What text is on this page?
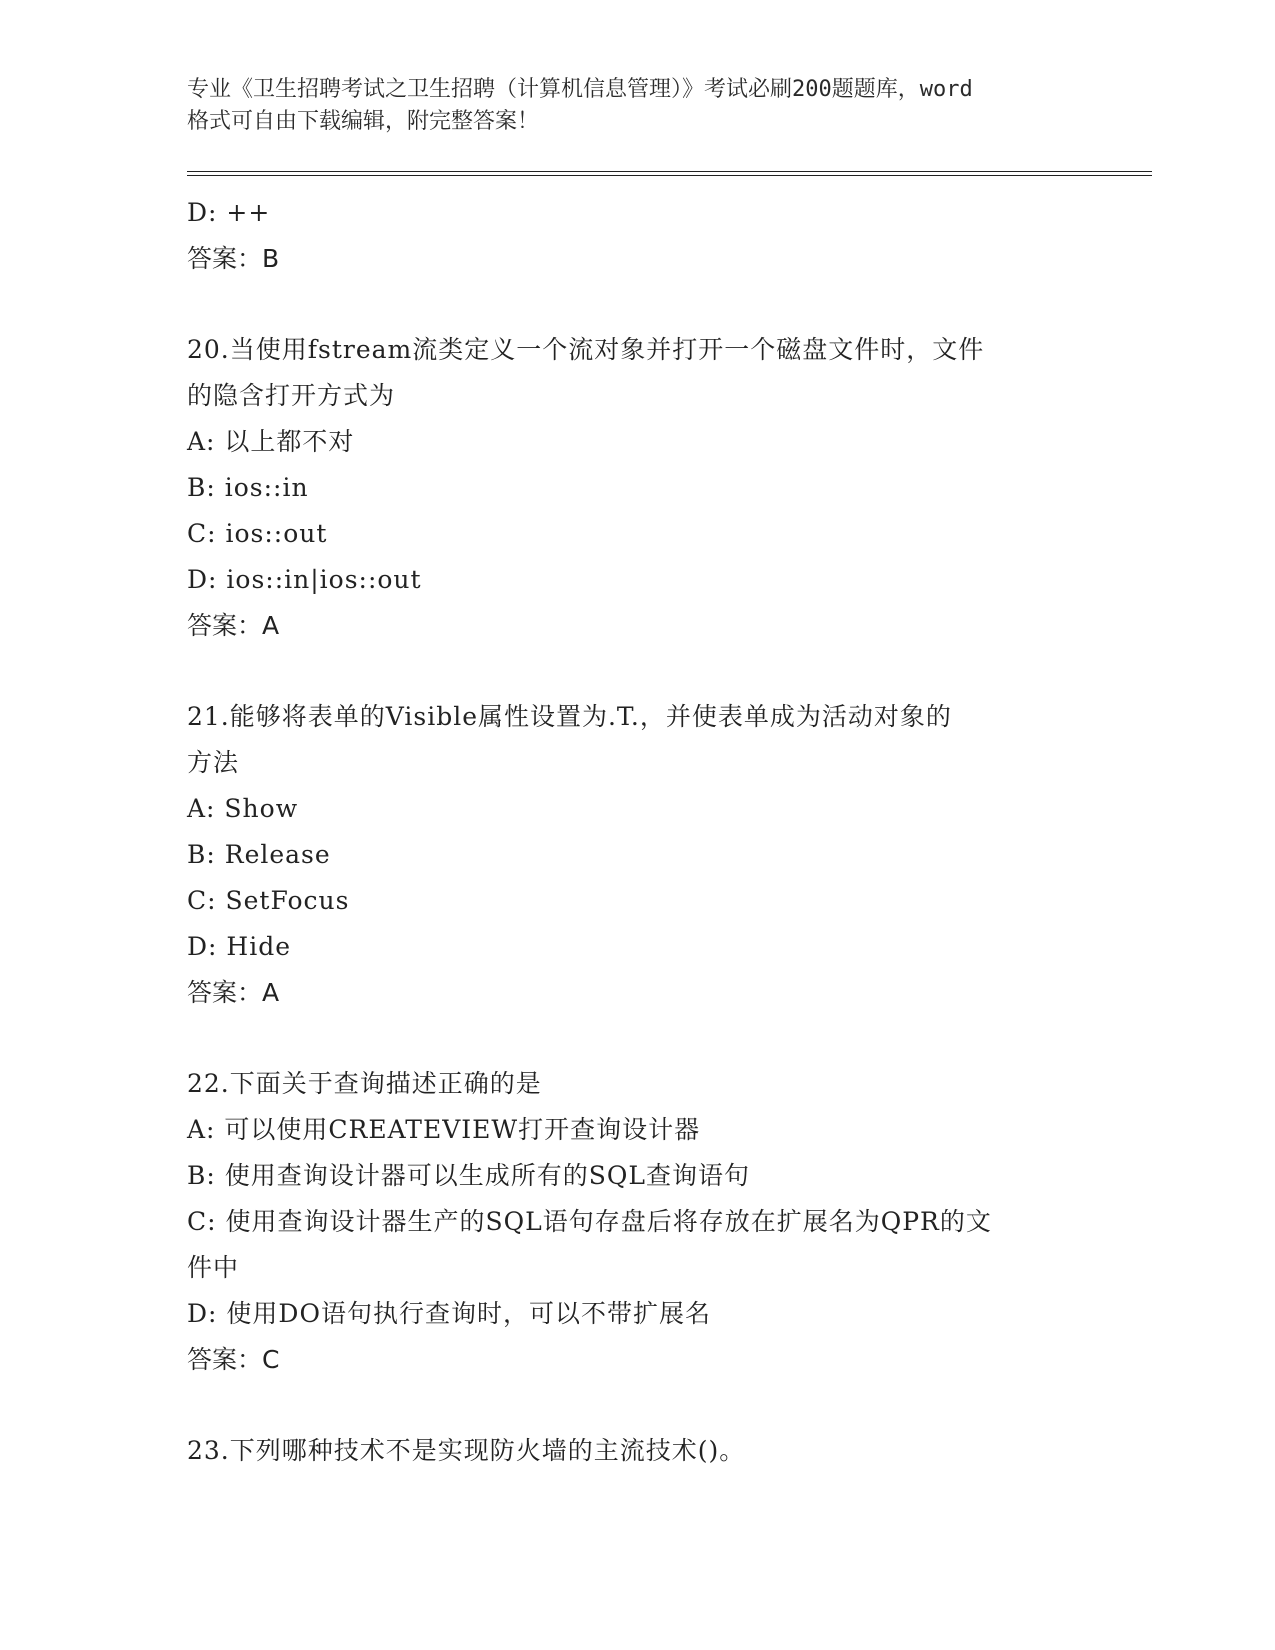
专业《卫生招聘考试之卫生招聘（计算机信息管理）》考试必刷200题题库，word
格式可自由下载编辑，附完整答案！
D: ++
答案：B
20.当使用fstream流类定义一个流对象并打开一个磁盘文件时，文件
的隐含打开方式为
A: 以上都不对
B: ios::in
C: ios::out
D: ios::in|ios::out
答案：A
21.能够将表单的Visible属性设置为.T.，并使表单成为活动对象的
方法
A: Show
B: Release
C: SetFocus
D: Hide
答案：A
22.下面关于查询描述正确的是
A: 可以使用CREATEVIEW打开查询设计器
B: 使用查询设计器可以生成所有的SQL查询语句
C: 使用查询设计器生产的SQL语句存盘后将存放在扩展名为QPR的文
件中
D: 使用DO语句执行查询时，可以不带扩展名
答案：C
23.下列哪种技术不是实现防火墙的主流技术()。
